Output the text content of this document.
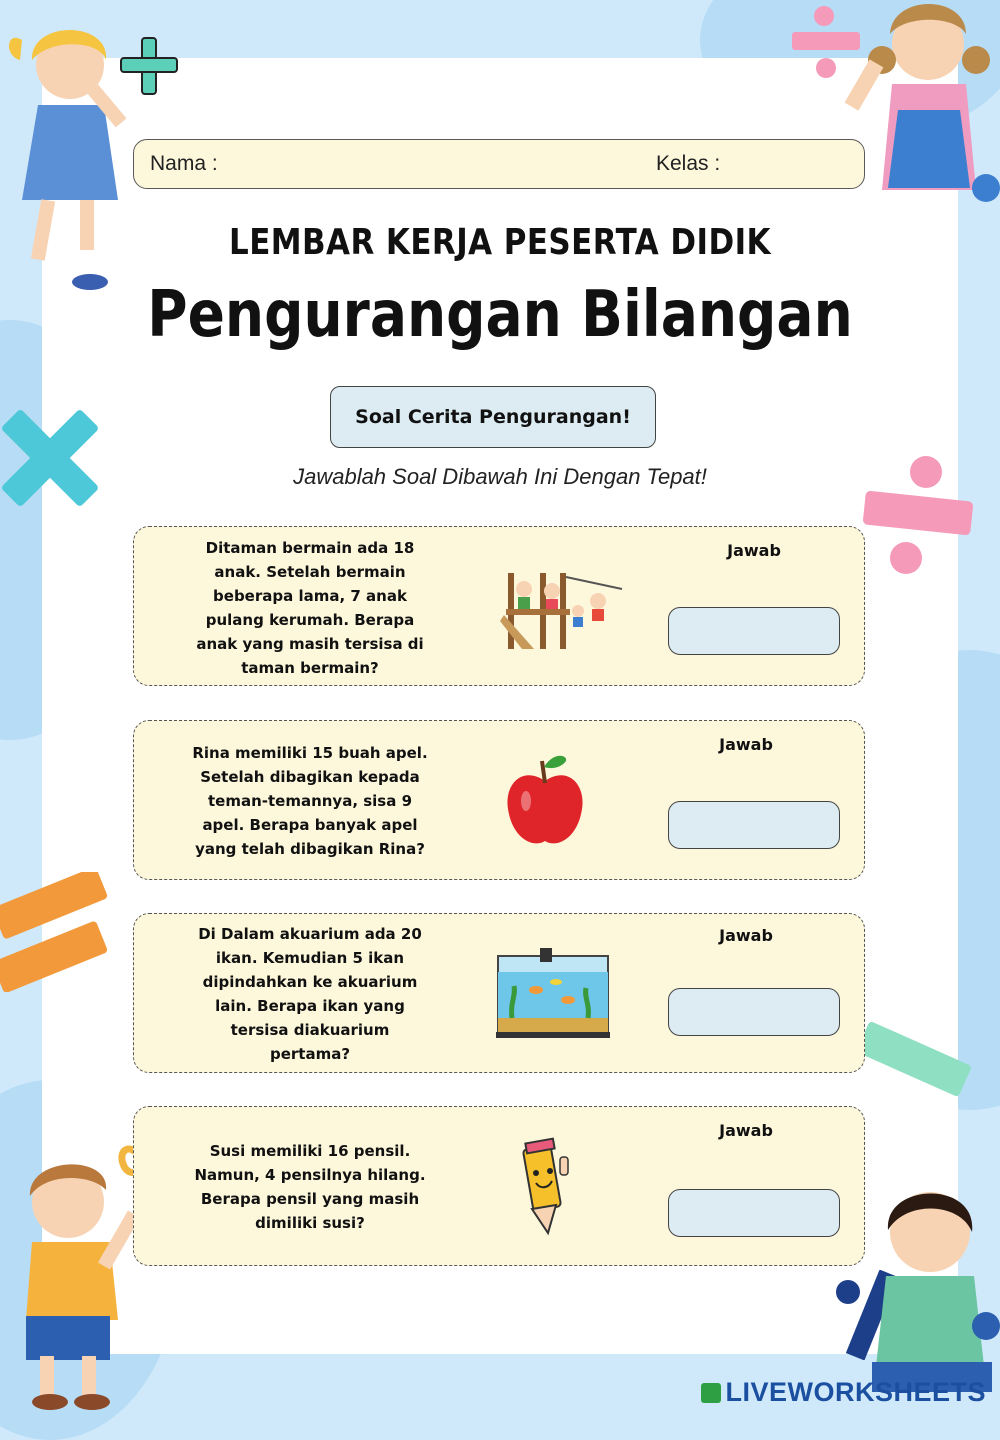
Nama :	Kelas :
LEMBAR KERJA PESERTA DIDIK
Pengurangan Bilangan
Soal Cerita Pengurangan!
Jawablah Soal Dibawah Ini Dengan Tepat!
Ditaman bermain ada 18 anak. Setelah bermain beberapa lama, 7 anak pulang kerumah. Berapa anak yang masih tersisa di taman bermain?
Jawab
Rina memiliki 15 buah apel. Setelah dibagikan kepada teman-temannya, sisa 9 apel. Berapa banyak apel yang telah dibagikan Rina?
Jawab
Di Dalam akuarium ada 20 ikan. Kemudian 5 ikan dipindahkan ke akuarium lain. Berapa ikan yang tersisa diakuarium pertama?
Jawab
Susi memiliki 16 pensil. Namun, 4 pensilnya hilang. Berapa pensil yang masih dimiliki susi?
Jawab
LIVEWORKSHEETS
